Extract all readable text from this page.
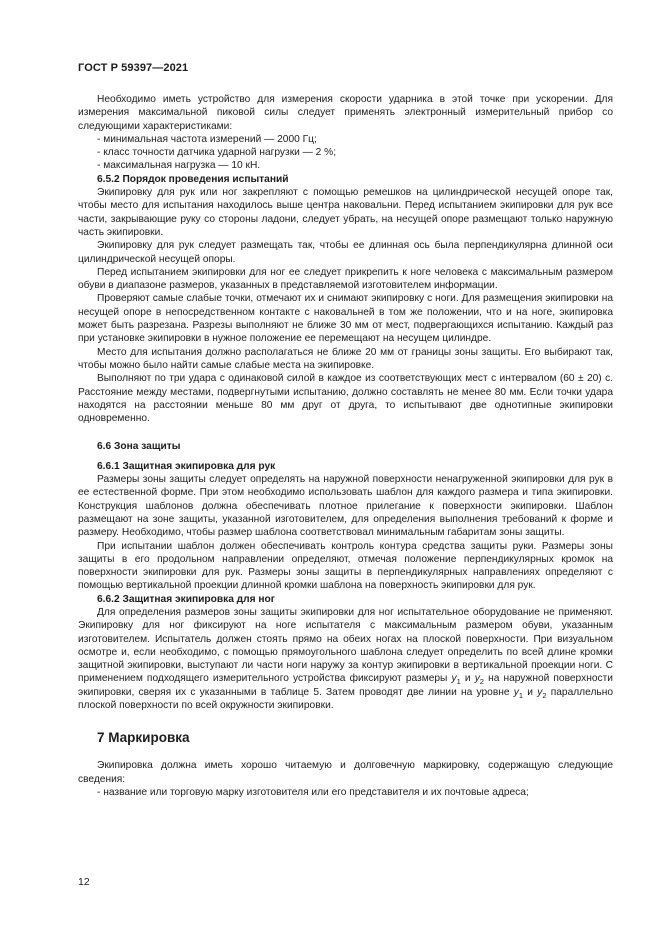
ГОСТ Р 59397—2021

Необходимо иметь устройство для измерения скорости ударника в этой точке при ускорении. Для измерения максимальной пиковой силы следует применять электронный измерительный прибор со следующими характеристиками:

- минимальная частота измерений — 2000 Гц;

- класс точности датчика ударной нагрузки — 2 %;

- максимальная нагрузка — 10 кН.

6.5.2 Порядок проведения испытаний

Экипировку для рук или ног закрепляют с помощью ремешков на цилиндрической несущей опоре так, чтобы место для испытания находилось выше центра наковальни. Перед испытанием экипировки для рук все части, закрывающие руку со стороны ладони, следует убрать, на несущей опоре размещают только наружную часть экипировки.

Экипировку для рук следует размещать так, чтобы ее длинная ось была перпендикулярна длинной оси цилиндрической несущей опоры.

Перед испытанием экипировки для ног ее следует прикрепить к ноге человека с максимальным размером обуви в диапазоне размеров, указанных в представляемой изготовителем информации.

Проверяют самые слабые точки, отмечают их и снимают экипировку с ноги. Для размещения экипировки на несущей опоре в непосредственном контакте с наковальней в том же положении, что и на ноге, экипировка может быть разрезана. Разрезы выполняют не ближе 30 мм от мест, подвергающихся испытанию. Каждый раз при установке экипировки в нужное положение ее перемещают на несущем цилиндре.

Место для испытания должно располагаться не ближе 20 мм от границы зоны защиты. Его выбирают так, чтобы можно было найти самые слабые места на экипировке.

Выполняют по три удара с одинаковой силой в каждое из соответствующих мест с интервалом (60 ± 20) с. Расстояние между местами, подвергнутыми испытанию, должно составлять не менее 80 мм. Если точки удара находятся на расстоянии меньше 80 мм друг от друга, то испытывают две однотипные экипировки одновременно.

6.6 Зона защиты

6.6.1 Защитная экипировка для рук

Размеры зоны защиты следует определять на наружной поверхности ненагруженной экипировки для рук в ее естественной форме. При этом необходимо использовать шаблон для каждого размера и типа экипировки. Конструкция шаблонов должна обеспечивать плотное прилегание к поверхности экипировки. Шаблон размещают на зоне защиты, указанной изготовителем, для определения выполнения требований к форме и размеру. Необходимо, чтобы размер шаблона соответствовал минимальным габаритам зоны защиты.

При испытании шаблон должен обеспечивать контроль контура средства защиты руки. Размеры зоны защиты в его продольном направлении определяют, отмечая положение перпендикулярных кромок на поверхности экипировки для рук. Размеры зоны защиты в перпендикулярных направлениях определяют с помощью вертикальной проекции длинной кромки шаблона на поверхность экипировки для рук.

6.6.2 Защитная экипировка для ног

Для определения размеров зоны защиты экипировки для ног испытательное оборудование не применяют. Экипировку для ног фиксируют на ноге испытателя с максимальным размером обуви, указанным изготовителем. Испытатель должен стоять прямо на обеих ногах на плоской поверхности. При визуальном осмотре и, если необходимо, с помощью прямоугольного шаблона следует определить по всей длине кромки защитной экипировки, выступают ли части ноги наружу за контур экипировки в вертикальной проекции ноги. С применением подходящего измерительного устройства фиксируют размеры $y_1$ и $y_2$ на наружной поверхности экипировки, сверяя их с указанными в таблице 5. Затем проводят две линии на уровне $y_1$ и $y_2$ параллельно плоской поверхности по всей окружности экипировки.

7 Маркировка

Экипировка должна иметь хорошо читаемую и долговечную маркировку, содержащую следующие сведения:

- название или торговую марку изготовителя или его представителя и их почтовые адреса;

12
